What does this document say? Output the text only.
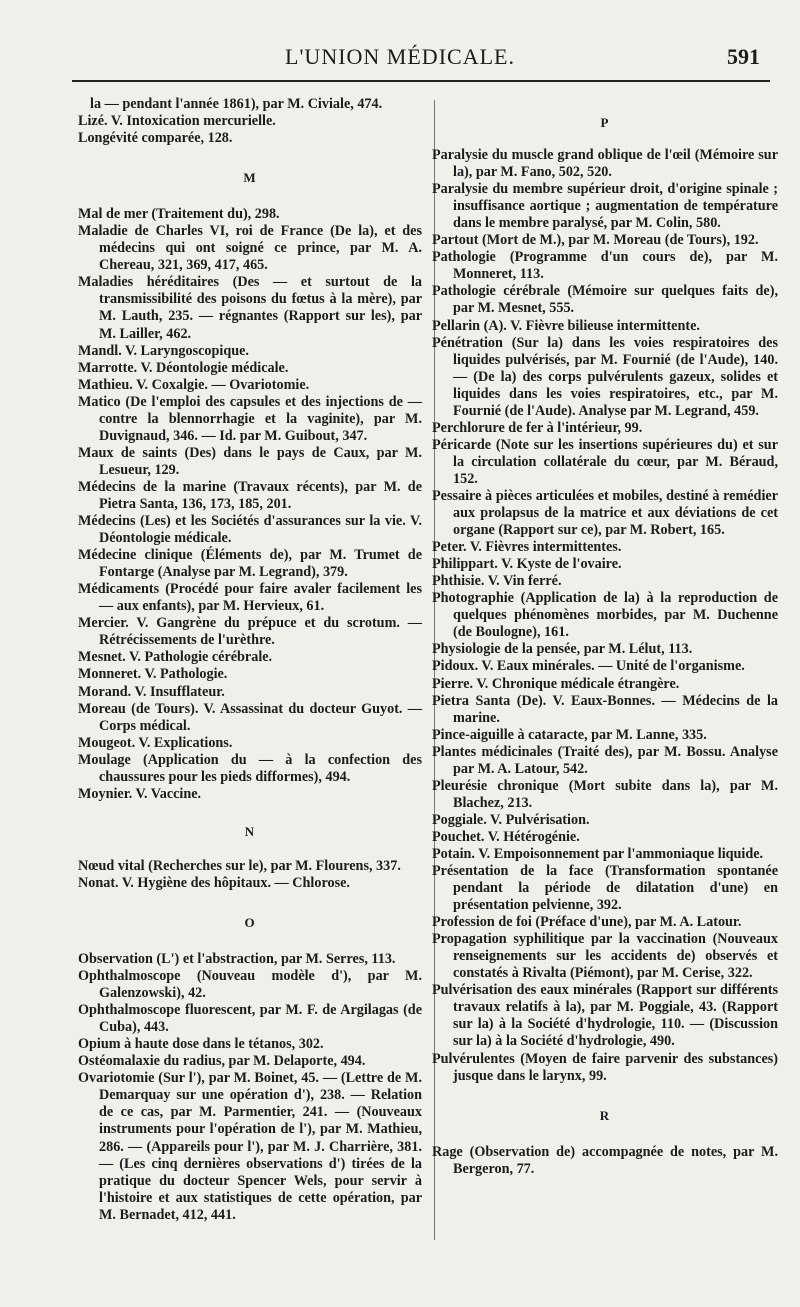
L'UNION MÉDICALE.	591
la — pendant l'année 1861), par M. Civiale, 474.
Lizé. V. Intoxication mercurielle.
Longévité comparée, 128.
M
Mal de mer (Traitement du), 298.
Maladie de Charles VI, roi de France (De la), et des médecins qui ont soigné ce prince, par M. A. Chereau, 321, 369, 417, 465.
Maladies héréditaires (Des — et surtout de la transmissibilité des poisons du fœtus à la mère), par M. Lauth, 235. — régnantes (Rapport sur les), par M. Lailler, 462.
Mandl. V. Laryngoscopique.
Marrotte. V. Déontologie médicale.
Mathieu. V. Coxalgie. — Ovariotomie.
Matico (De l'emploi des capsules et des injections de — contre la blennorrhagie et la vaginite), par M. Duvignaud, 346. — Id. par M. Guibout, 347.
Maux de saints (Des) dans le pays de Caux, par M. Lesueur, 129.
Médecins de la marine (Travaux récents), par M. de Pietra Santa, 136, 173, 185, 201.
Médecins (Les) et les Sociétés d'assurances sur la vie. V. Déontologie médicale.
Médecine clinique (Éléments de), par M. Trumet de Fontarge (Analyse par M. Legrand), 379.
Médicaments (Procédé pour faire avaler facilement les — aux enfants), par M. Hervieux, 61.
Mercier. V. Gangrène du prépuce et du scrotum. — Rétrécissements de l'urèthre.
Mesnet. V. Pathologie cérébrale.
Monneret. V. Pathologie.
Morand. V. Insufflateur.
Moreau (de Tours). V. Assassinat du docteur Guyot. — Corps médical.
Mougeot. V. Explications.
Moulage (Application du — à la confection des chaussures pour les pieds difformes), 494.
Moynier. V. Vaccine.
N
Nœud vital (Recherches sur le), par M. Flourens, 337.
Nonat. V. Hygiène des hôpitaux. — Chlorose.
O
Observation (L') et l'abstraction, par M. Serres, 113.
Ophthalmoscope (Nouveau modèle d'), par M. Galenzowski), 42.
Ophthalmoscope fluorescent, par M. F. de Argilagas (de Cuba), 443.
Opium à haute dose dans le tétanos, 302.
Ostéomalaxie du radius, par M. Delaporte, 494.
Ovariotomie (Sur l'), par M. Boinet, 45. — (Lettre de M. Demarquay sur une opération d'), 238. — Relation de ce cas, par M. Parmentier, 241. — (Nouveaux instruments pour l'opération de l'), par M. Mathieu, 286. — (Appareils pour l'), par M. J. Charrière, 381. — (Les cinq dernières observations d') tirées de la pratique du docteur Spencer Wels, pour servir à l'histoire et aux statistiques de cette opération, par M. Bernadet, 412, 441.
P
Paralysie du muscle grand oblique de l'œil (Mémoire sur la), par M. Fano, 502, 520.
Paralysie du membre supérieur droit, d'origine spinale ; insuffisance aortique ; augmentation de température dans le membre paralysé, par M. Colin, 580.
Partout (Mort de M.), par M. Moreau (de Tours), 192.
Pathologie (Programme d'un cours de), par M. Monneret, 113.
Pathologie cérébrale (Mémoire sur quelques faits de), par M. Mesnet, 555.
Pellarin (A). V. Fièvre bilieuse intermittente.
Pénétration (Sur la) dans les voies respiratoires des liquides pulvérisés, par M. Fournié (de l'Aude), 140. — (De la) des corps pulvérulents gazeux, solides et liquides dans les voies respiratoires, etc., par M. Fournié (de l'Aude). Analyse par M. Legrand, 459.
Perchlorure de fer à l'intérieur, 99.
Péricarde (Note sur les insertions supérieures du) et sur la circulation collatérale du cœur, par M. Béraud, 152.
Pessaire à pièces articulées et mobiles, destiné à remédier aux prolapsus de la matrice et aux déviations de cet organe (Rapport sur ce), par M. Robert, 165.
Peter. V. Fièvres intermittentes.
Philippart. V. Kyste de l'ovaire.
Phthisie. V. Vin ferré.
Photographie (Application de la) à la reproduction de quelques phénomènes morbides, par M. Duchenne (de Boulogne), 161.
Physiologie de la pensée, par M. Lélut, 113.
Pidoux. V. Eaux minérales. — Unité de l'organisme.
Pierre. V. Chronique médicale étrangère.
Pietra Santa (De). V. Eaux-Bonnes. — Médecins de la marine.
Pince-aiguille à cataracte, par M. Lanne, 335.
Plantes médicinales (Traité des), par M. Bossu. Analyse par M. A. Latour, 542.
Pleurésie chronique (Mort subite dans la), par M. Blachez, 213.
Poggiale. V. Pulvérisation.
Pouchet. V. Hétérogénie.
Potain. V. Empoisonnement par l'ammoniaque liquide.
Présentation de la face (Transformation spontanée pendant la période de dilatation d'une) en présentation pelvienne, 392.
Profession de foi (Préface d'une), par M. A. Latour.
Propagation syphilitique par la vaccination (Nouveaux renseignements sur les accidents de) observés et constatés à Rivalta (Piémont), par M. Cerise, 322.
Pulvérisation des eaux minérales (Rapport sur différents travaux relatifs à la), par M. Poggiale, 43. (Rapport sur la) à la Société d'hydrologie, 110. — (Discussion sur la) à la Société d'hydrologie, 490.
Pulvérulentes (Moyen de faire parvenir des substances) jusque dans le larynx, 99.
R
Rage (Observation de) accompagnée de notes, par M. Bergeron, 77.
